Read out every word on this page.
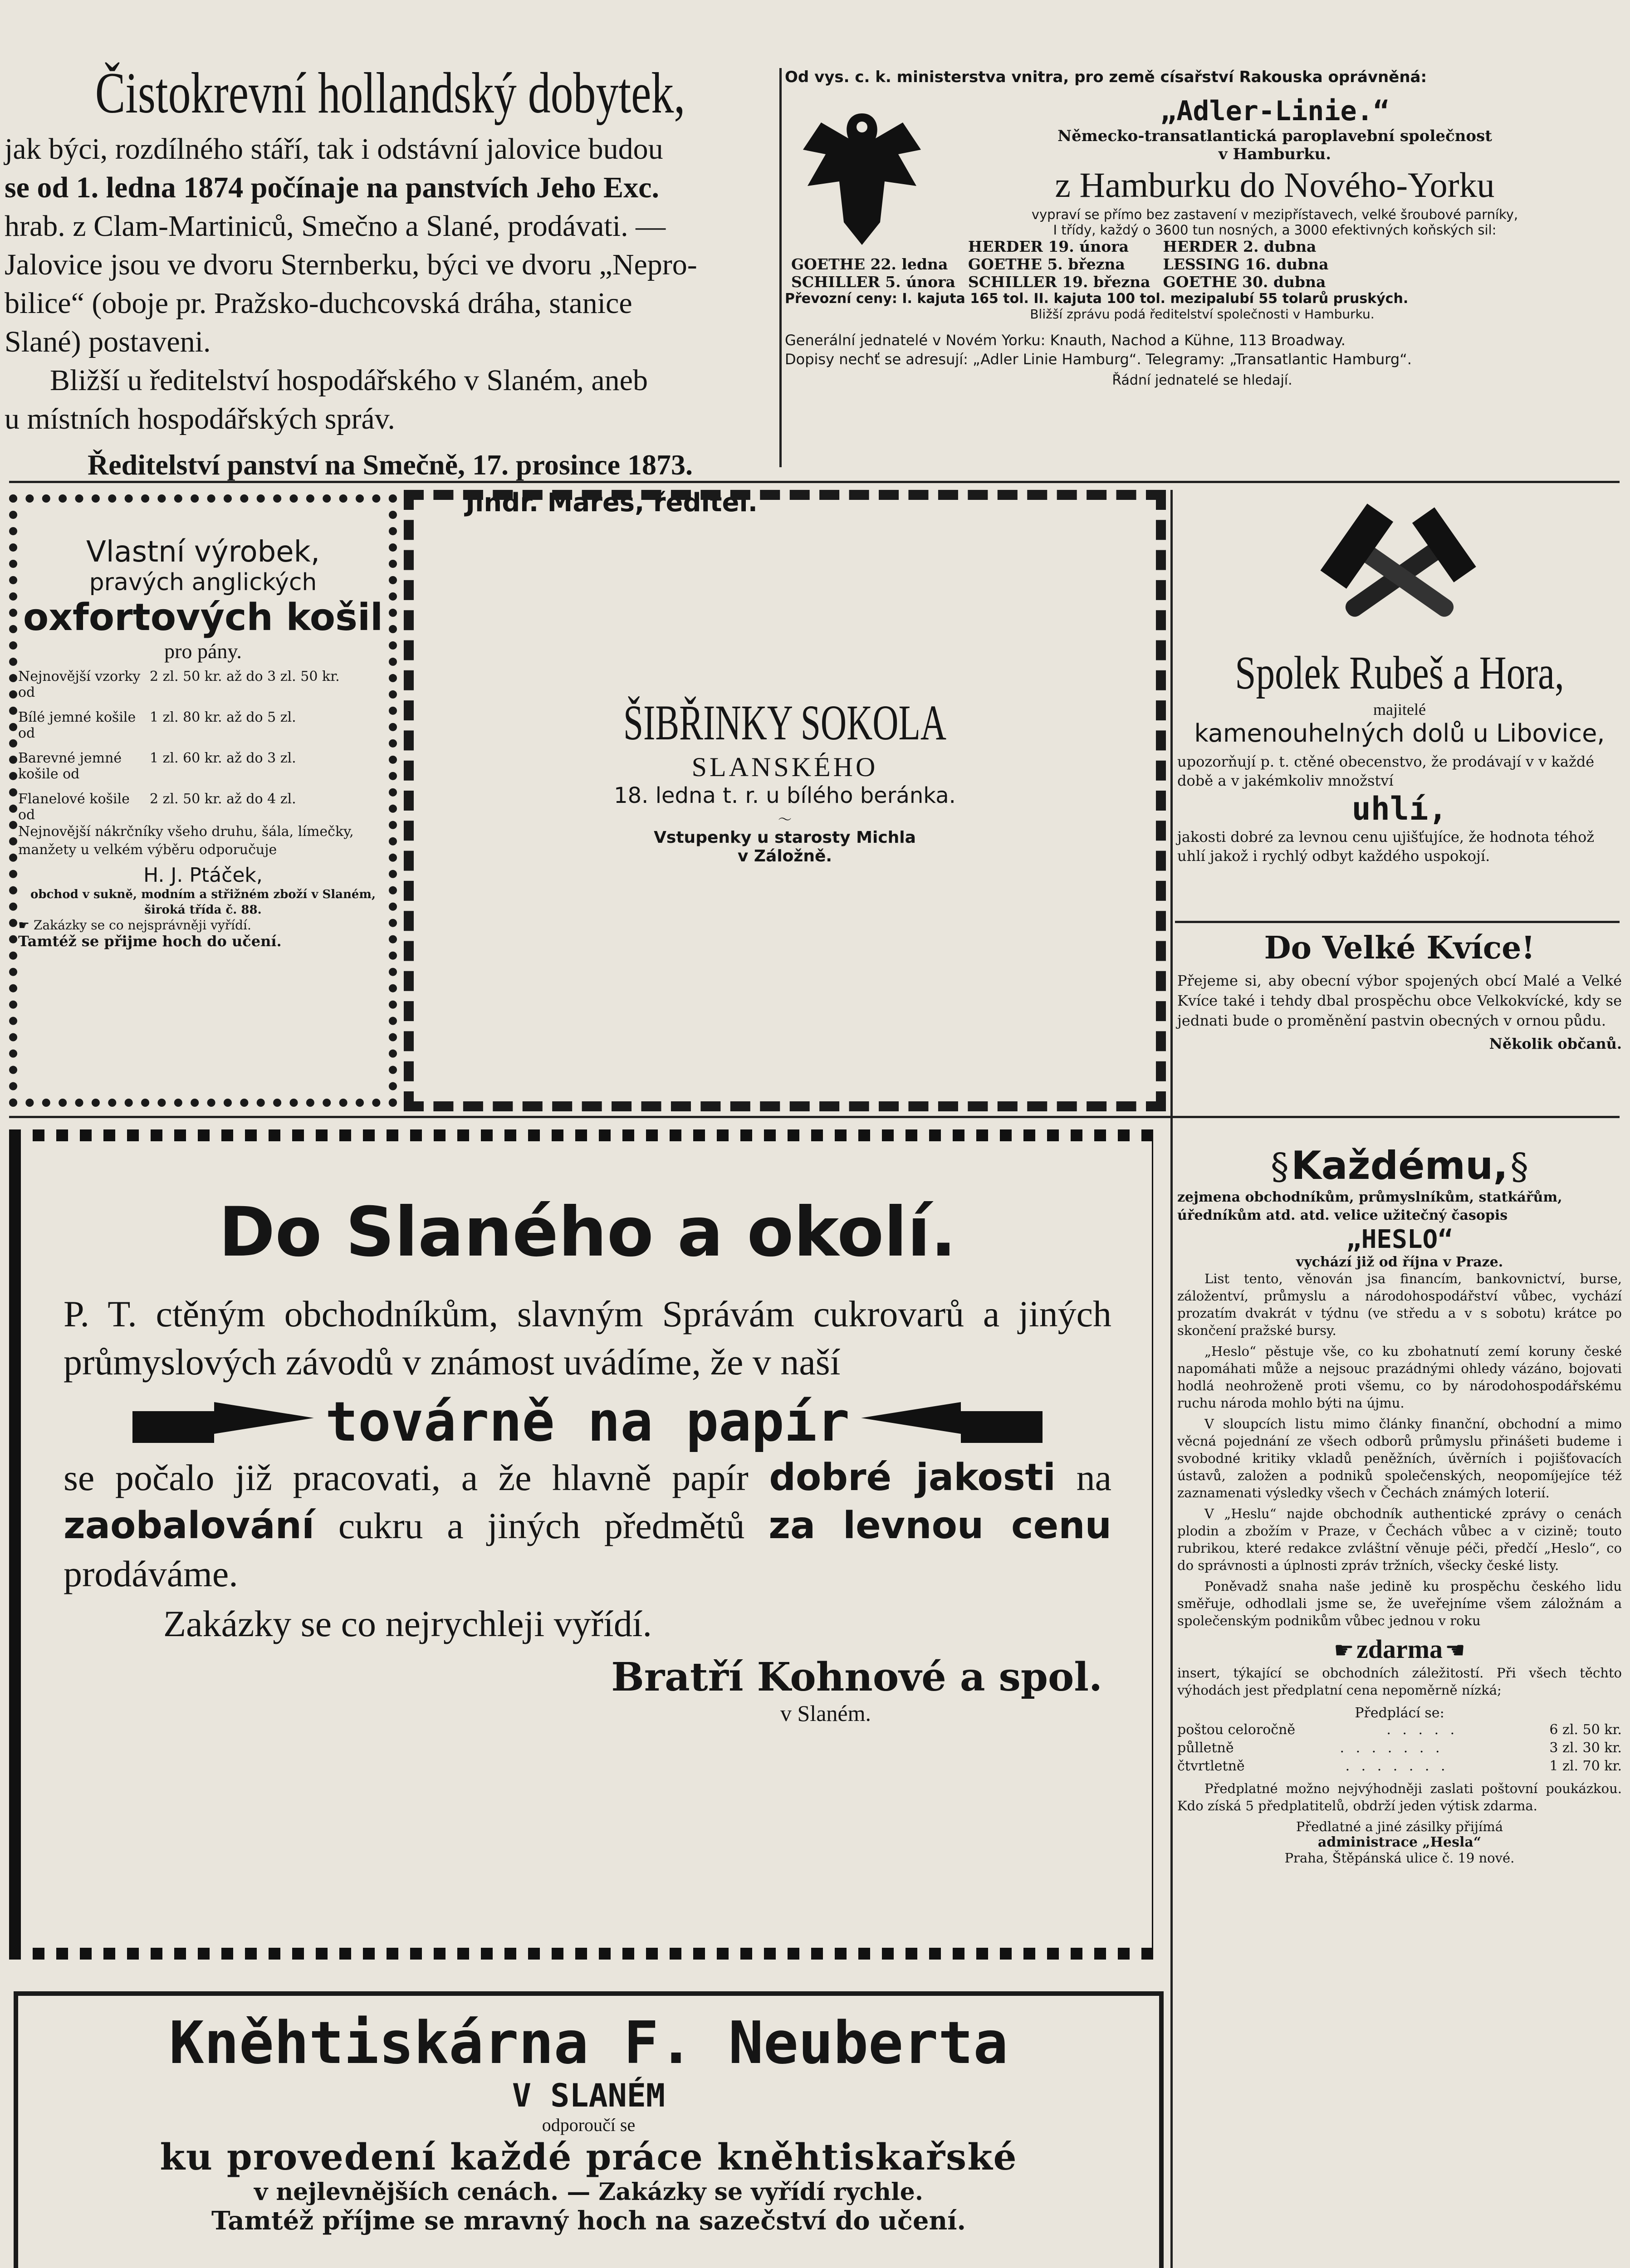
Čistokrevní hollandský dobytek,
jak býci, rozdílného stáří, tak i odstávní jalovice budou
se od 1. ledna 1874 počínaje na panstvích Jeho Exc.
hrab. z Clam-Martiniců, Smečno a Slané, prodávati. —
Jalovice jsou ve dvoru Sternberku, býci ve dvoru „Nepro-
bilice“ (oboje pr. Pražsko-duchcovská dráha, stanice
Slané) postaveni.
Bližší u ředitelství hospodářského v Slaném, aneb
u místních hospodářských správ.
Ředitelství panství na Smečně, 17. prosince 1873.
Jindř. Mareš, ředitel.
Od vys. c. k. ministerstva vnitra, pro země císařství Rakouska oprávněná:
„Adler-Linie.“
Německo-transatlantická paroplavební společnost
v Hamburku.
z Hamburku do Nového-Yorku
vypraví se přímo bez zastavení v mezipřístavech, velké šroubové parníky,
I třídy, každý o 3600 tun nosných, a 3000 efektivných koňských sil:
	HERDER 19. února	HERDER 2. dubna
GOETHE 22. ledna	GOETHE 5. března	LESSING 16. dubna
SCHILLER 5. února	SCHILLER 19. března	GOETHE 30. dubna
Převozní ceny: I. kajuta 165 tol. II. kajuta 100 tol. mezipalubí 55 tolarů pruských.
Bližší zprávu podá ředitelství společnosti v Hamburku.
Generální jednatelé v Novém Yorku: Knauth, Nachod a Kühne, 113 Broadway.
Dopisy nechť se adresují: „Adler Linie Hamburg“. Telegramy: „Transatlantic Hamburg“.
Řádní jednatelé se hledají.
Vlastní výrobek,
pravých anglických
oxfortových košil
pro pány.
Nejnovější vzorky od
2 zl. 50 kr. až do 3 zl. 50 kr.
Bílé jemné košile od
1 zl. 80 kr. až do 5 zl.
Barevné jemné košile od
1 zl. 60 kr. až do 3 zl.
Flanelové košile od
2 zl. 50 kr. až do 4 zl.
Nejnovější nákrčníky všeho druhu, šála, límečky, manžety u velkém výběru odporučuje
H. J. Ptáček,
obchod v sukně, modním a střižném zboží v Slaném, široká třída č. 88.
☛ Zakázky se co nejsprávněji vyřídí.
Tamtéž se přijme hoch do učení.
ŠIBŘINKY SOKOLA
SLANSKÉHO
18. ledna t. r. u bílého beránka.
～
Vstupenky u starosty Michla
v Záložně.
Spolek Rubeš a Hora,
majitelé
kamenouhelných dolů u Libovice,
upozorňují p. t. ctěné obecenstvo, že prodávají v v každé době a v jakémkoliv množství
uhlí,
jakosti dobré za levnou cenu ujišťujíce, že hodnota téhož uhlí jakož i rychlý odbyt každého uspokojí.
Do Velké Kvíce!
Přejeme si, aby obecní výbor spojených obcí Malé a Velké Kvíce také i tehdy dbal prospěchu obce Velkokvícké, kdy se jednati bude o proměnění pastvin obecných v ornou půdu.
Několik občanů.
Do Slaného a okolí.
P. T. ctěným obchodníkům, slavným Správám cukrovarů a jiných průmyslových závodů v známost uvádíme, že v naší
továrně na papír
se počalo již pracovati, a že hlavně papír dobré jakosti na zaobalování cukru a jiných předmětů za levnou cenu prodáváme.
Zakázky se co nejrychleji vyřídí.
Bratří Kohnové a spol.
v Slaném.
Kněhtiskárna F. Neuberta
V SLANÉM
odporoučí se
ku provedení každé práce kněhtiskařské
v nejlevnějších cenách. — Zakázky se vyřídí rychle.
Tamtéž příjme se mravný hoch na sazečství do učení.
§ Každému, §
zejmena obchodníkům, průmyslníkům, statkářům, úředníkům atd. atd. velice užitečný časopis
„HESLO“
vychází již od října v Praze.
List tento, věnován jsa financím, bankovnictví, burse, záložentví, průmyslu a národohospodářství vůbec, vychází prozatím dvakrát v týdnu (ve středu a v s sobotu) krátce po skončení pražské bursy.
„Heslo“ pěstuje vše, co ku zbohatnutí zemí koruny české napomáhati může a nejsouc prazádnými ohledy vázáno, bojovati hodlá neohroženě proti všemu, co by národohospodářskému ruchu národa mohlo býti na újmu.
V sloupcích listu mimo články finanční, obchodní a mimo věcná pojednání ze všech odborů průmyslu přinášeti budeme i svobodné kritiky vkladů peněžních, úvěrních i pojišťovacích ústavů, založen a podniků společenských, neopomíjejíce též zaznamenati výsledky všech v Čechách známých loterií.
V „Heslu“ najde obchodník authentické zprávy o cenách plodin a zbožím v Praze, v Čechách vůbec a v cizině; touto rubrikou, které redakce zvláštní věnuje péči, předčí „Heslo“, co do správnosti a úplnosti zpráv tržních, všecky české listy.
Poněvadž snaha naše jedině ku prospěchu českého lidu směřuje, odhodlali jsme se, že uveřejníme všem záložnám a společenským podnikům vůbec jednou v roku
☛ zdarma ☚
insert, týkající se obchodních záležitostí. Při všech těchto výhodách jest předplatní cena nepoměrně nízká;
Předplácí se:
poštou celoročně	. . . . .	6 zl. 50 kr.
půlletně	. . . . . . .	3 zl. 30 kr.
čtvrtletně	. . . . . . .	1 zl. 70 kr.
Předplatné možno nejvýhodněji zaslati poštovní poukázkou. Kdo získá 5 předplatitelů, obdrží jeden výtisk zdarma.
Předlatné a jiné zásilky přijímá
administrace „Hesla“
Praha, Štěpánská ulice č. 19 nové.
